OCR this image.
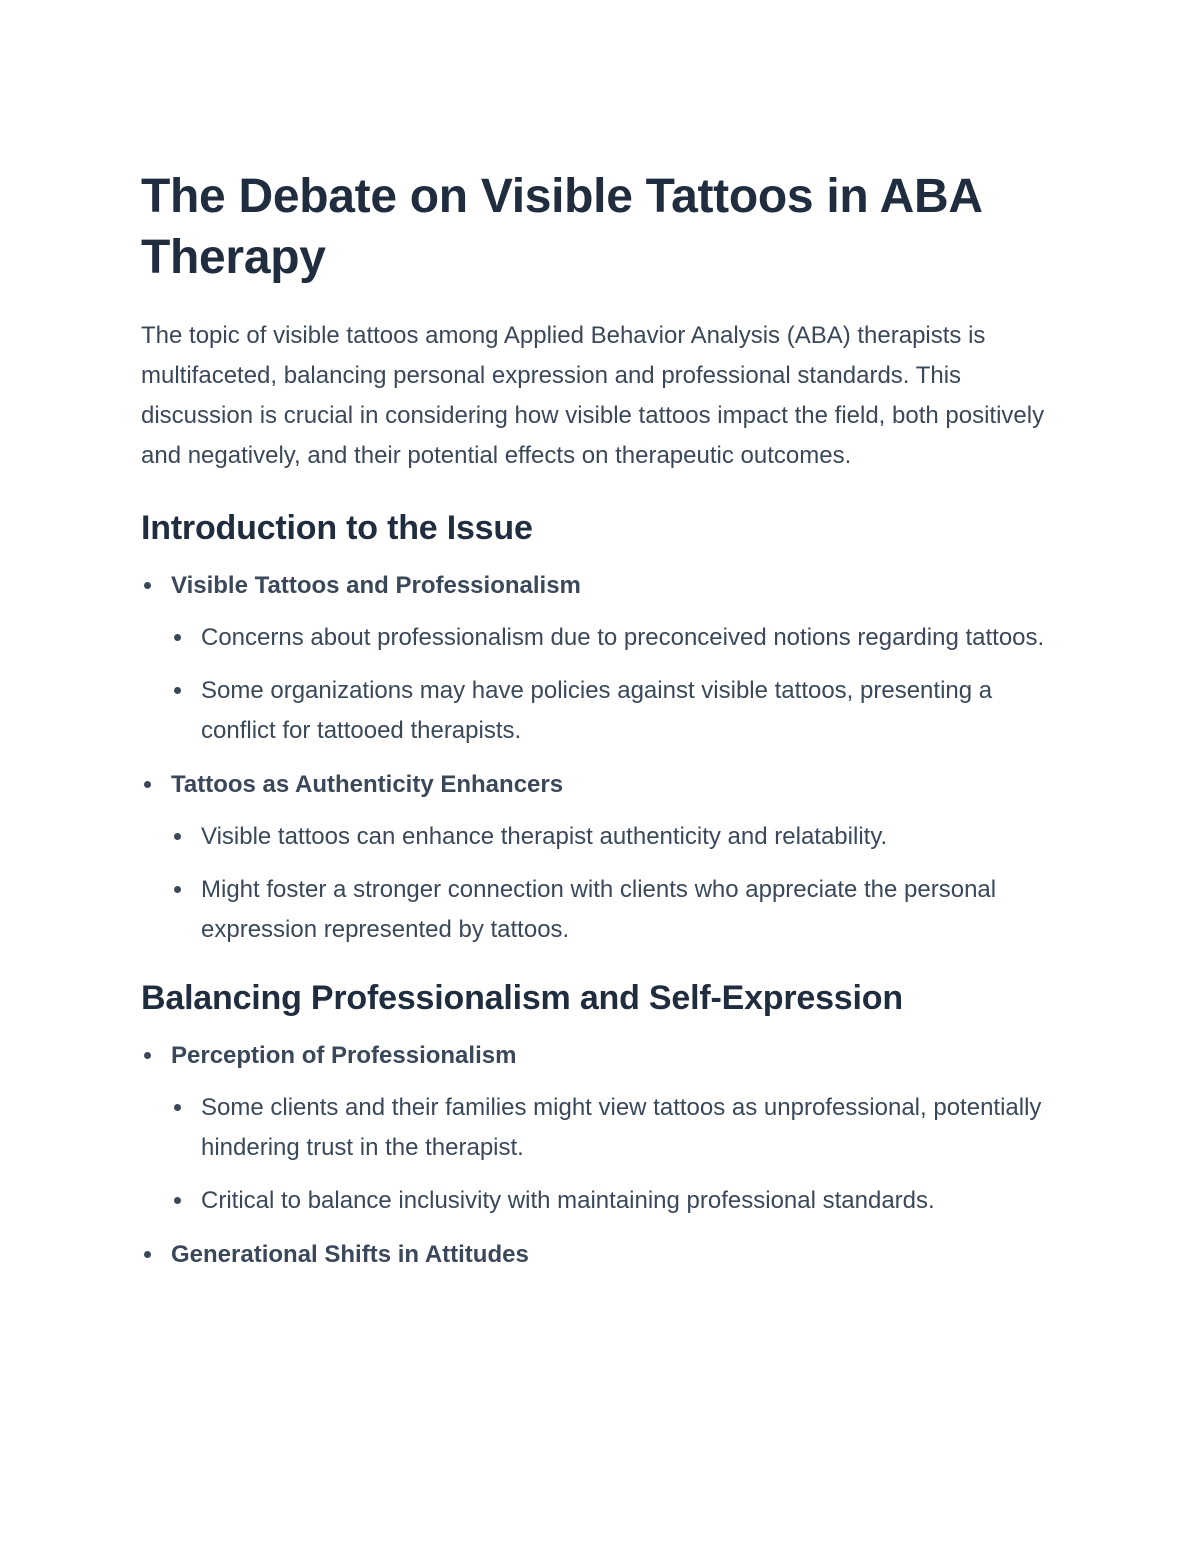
The Debate on Visible Tattoos in ABA Therapy

The topic of visible tattoos among Applied Behavior Analysis (ABA) therapists is multifaceted, balancing personal expression and professional standards. This discussion is crucial in considering how visible tattoos impact the field, both positively and negatively, and their potential effects on therapeutic outcomes.

Introduction to the Issue
Visible Tattoos and Professionalism
Concerns about professionalism due to preconceived notions regarding tattoos.
Some organizations may have policies against visible tattoos, presenting a conflict for tattooed therapists.
Tattoos as Authenticity Enhancers
Visible tattoos can enhance therapist authenticity and relatability.
Might foster a stronger connection with clients who appreciate the personal expression represented by tattoos.
Balancing Professionalism and Self-Expression
Perception of Professionalism
Some clients and their families might view tattoos as unprofessional, potentially hindering trust in the therapist.
Critical to balance inclusivity with maintaining professional standards.
Generational Shifts in Attitudes
